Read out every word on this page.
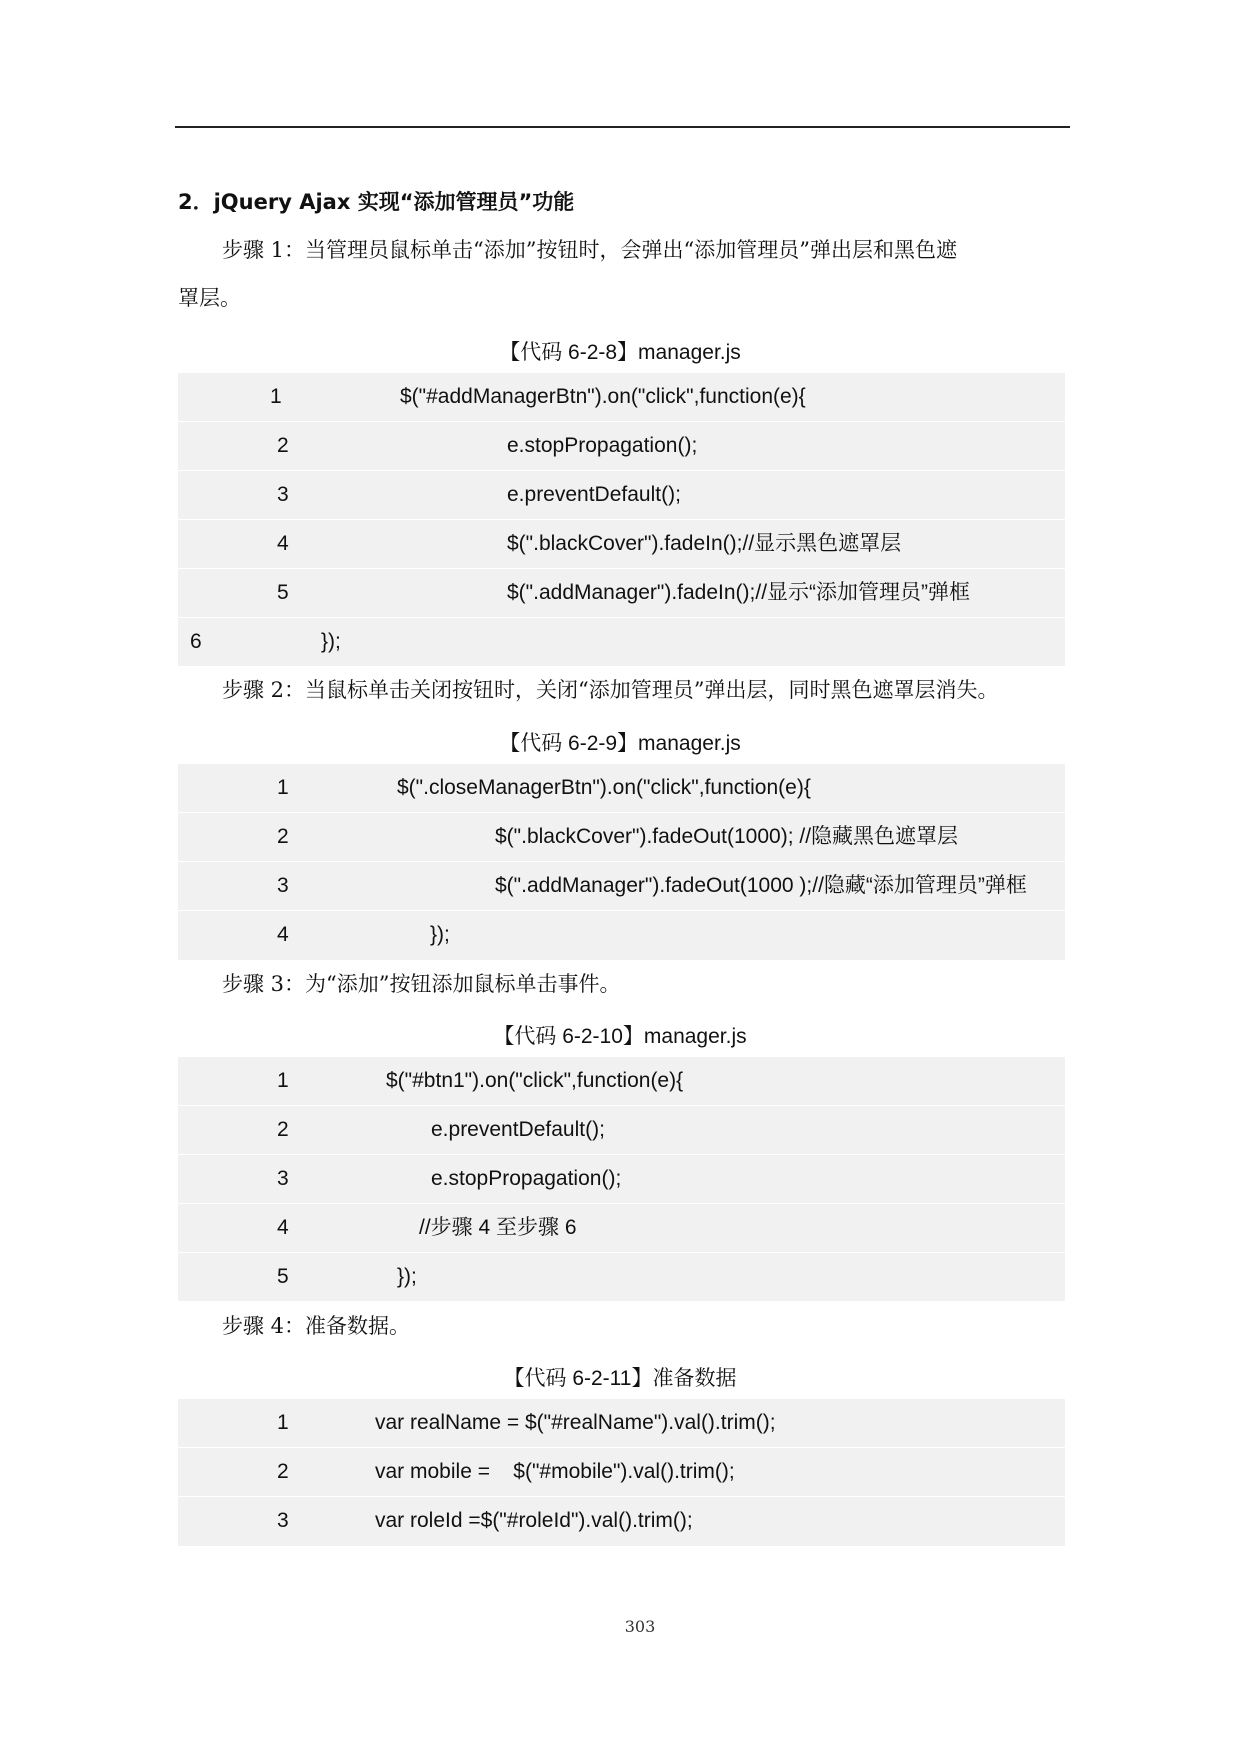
2．jQuery Ajax 实现“添加管理员”功能
步骤 1：当管理员鼠标单击“添加”按钮时，会弹出“添加管理员”弹出层和黑色遮
罩层。
【代码 6-2-8】manager.js
1	$("#addManagerBtn").on("click",function(e){
2	e.stopPropagation();
3	e.preventDefault();
4	$(".blackCover").fadeIn();//显示黑色遮罩层
5	$(".addManager").fadeIn();//显示“添加管理员”弹框
6	});
步骤 2：当鼠标单击关闭按钮时，关闭“添加管理员”弹出层，同时黑色遮罩层消失。
【代码 6-2-9】manager.js
1	$(".closeManagerBtn").on("click",function(e){
2	$(".blackCover").fadeOut(1000); //隐藏黑色遮罩层
3	$(".addManager").fadeOut(1000 );//隐藏“添加管理员”弹框
4	});
步骤 3：为“添加”按钮添加鼠标单击事件。
【代码 6-2-10】manager.js
1	$("#btn1").on("click",function(e){
2	e.preventDefault();
3	e.stopPropagation();
4	//步骤 4 至步骤 6
5	});
步骤 4：准备数据。
【代码 6-2-11】准备数据
1	var realName = $("#realName").val().trim();
2	var mobile =    $("#mobile").val().trim();
3	var roleId =$("#roleId").val().trim();
303
